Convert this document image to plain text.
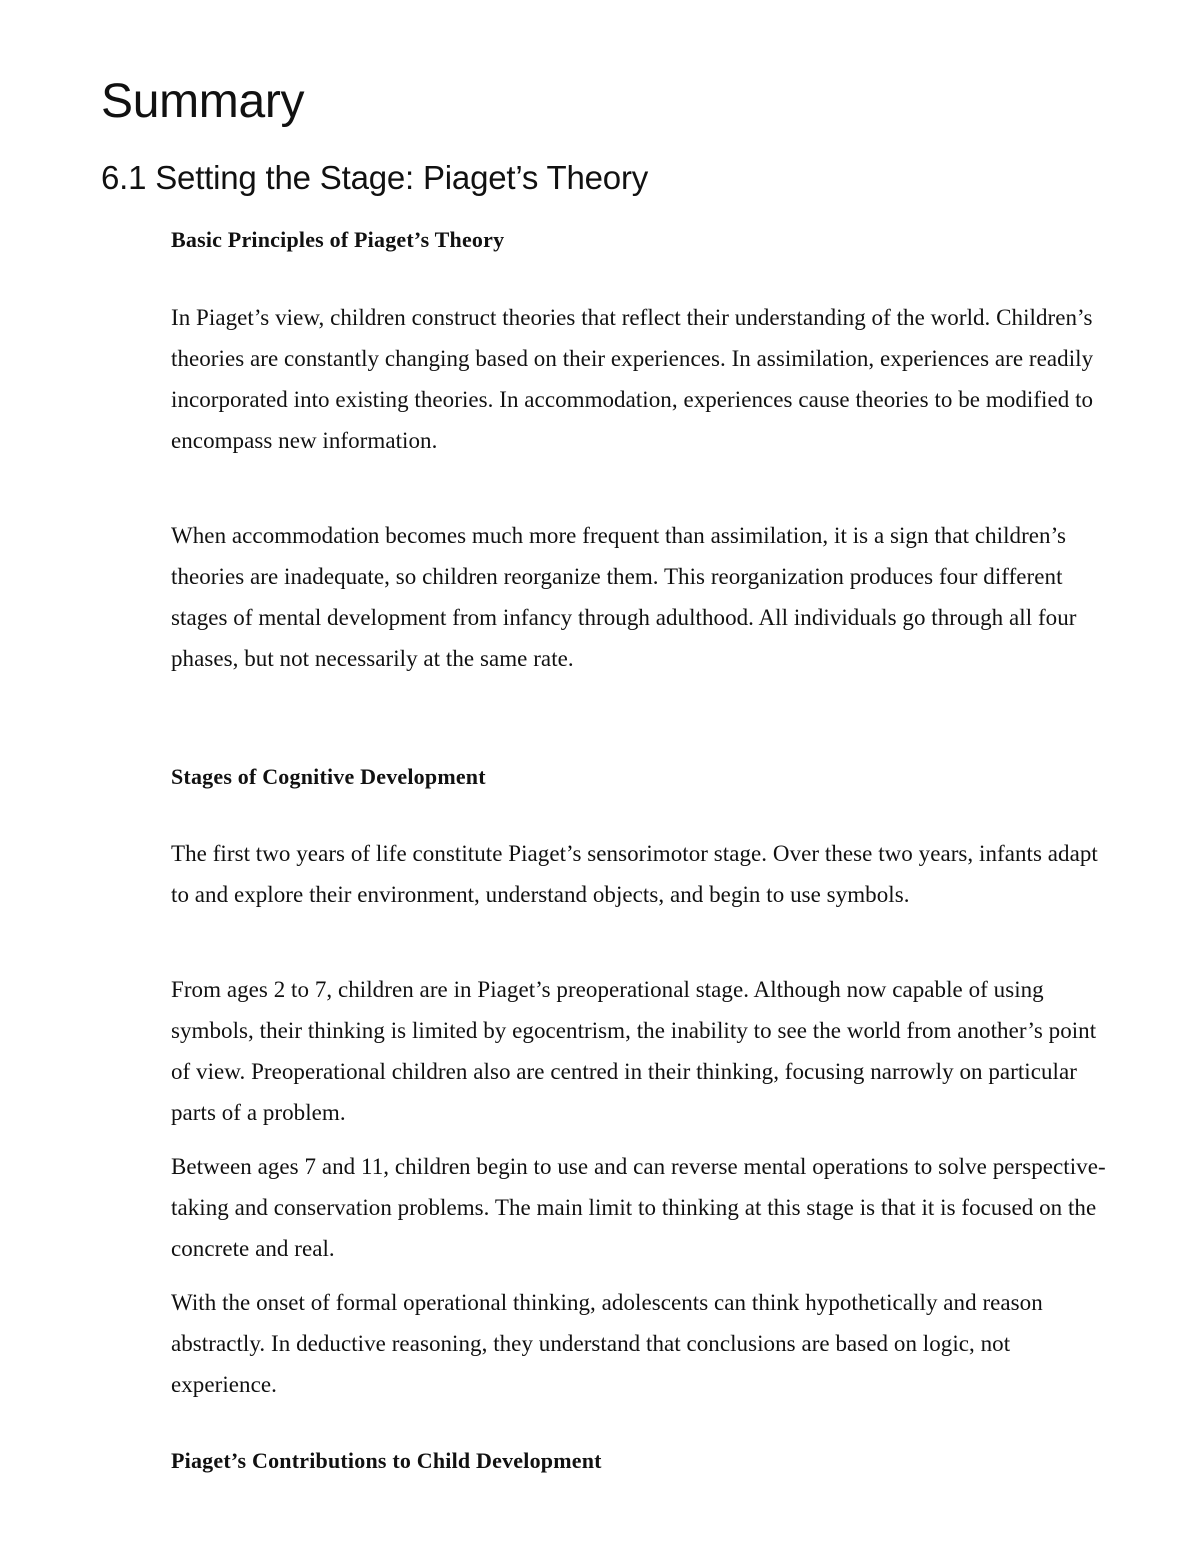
Summary
6.1 Setting the Stage: Piaget’s Theory
Basic Principles of Piaget’s Theory

In Piaget’s view, children construct theories that reflect their understanding of the world. Children’s theories are constantly changing based on their experiences. In assimilation, experiences are readily incorporated into existing theories. In accommodation, experiences cause theories to be modified to encompass new information.

When accommodation becomes much more frequent than assimilation, it is a sign that children’s theories are inadequate, so children reorganize them. This reorganization produces four different stages of mental development from infancy through adulthood. All individuals go through all four phases, but not necessarily at the same rate.

Stages of Cognitive Development

The first two years of life constitute Piaget’s sensorimotor stage. Over these two years, infants adapt to and explore their environment, understand objects, and begin to use symbols.

From ages 2 to 7, children are in Piaget’s preoperational stage. Although now capable of using symbols, their thinking is limited by egocentrism, the inability to see the world from another’s point of view. Preoperational children also are centred in their thinking, focusing narrowly on particular parts of a problem.

Between ages 7 and 11, children begin to use and can reverse mental operations to solve perspective-taking and conservation problems. The main limit to thinking at this stage is that it is focused on the concrete and real.

With the onset of formal operational thinking, adolescents can think hypothetically and reason abstractly. In deductive reasoning, they understand that conclusions are based on logic, not experience.

Piaget’s Contributions to Child Development
